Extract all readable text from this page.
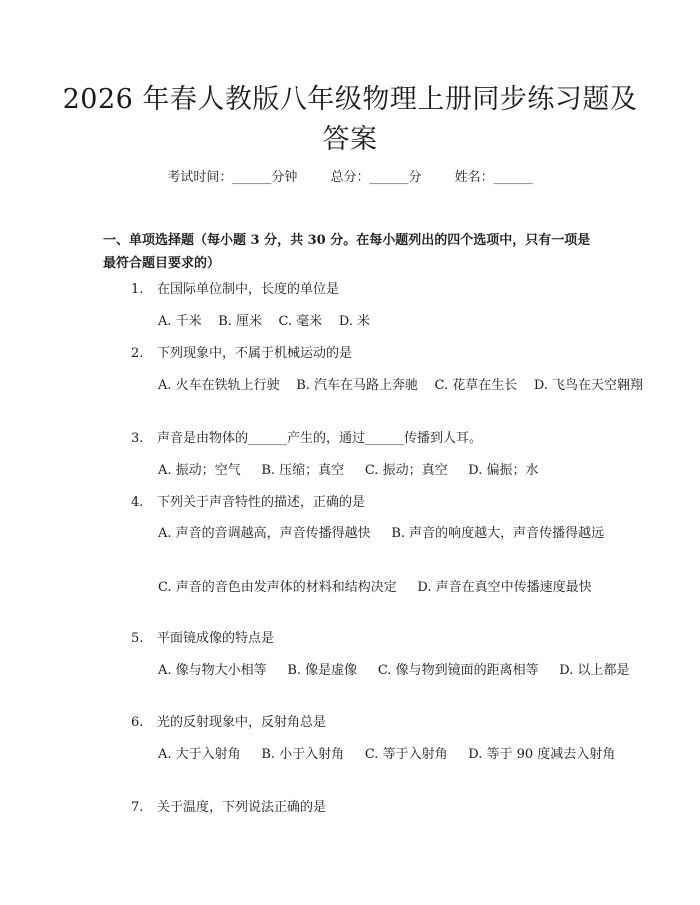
2026 年春人教版八年级物理上册同步练习题及答案
考试时间：______分钟	总分：______分	姓名：______
一、单项选择题（每小题 3 分，共 30 分。在每小题列出的四个选项中，只有一项是最符合题目要求的）
1. 在国际单位制中，长度的单位是
A. 千米 B. 厘米 C. 毫米 D. 米
2. 下列现象中，不属于机械运动的是
A. 火车在铁轨上行驶 B. 汽车在马路上奔驰 C. 花草在生长 D. 飞鸟在天空翱翔
3. 声音是由物体的______产生的，通过______传播到人耳。
A. 振动；空气 B. 压缩；真空 C. 振动；真空 D. 偏振；水
4. 下列关于声音特性的描述，正确的是
A. 声音的音调越高，声音传播得越快 B. 声音的响度越大，声音传播得越远
C. 声音的音色由发声体的材料和结构决定 D. 声音在真空中传播速度最快
5. 平面镜成像的特点是
A. 像与物大小相等 B. 像是虚像 C. 像与物到镜面的距离相等 D. 以上都是
6. 光的反射现象中，反射角总是
A. 大于入射角 B. 小于入射角 C. 等于入射角 D. 等于 90 度减去入射角
7. 关于温度，下列说法正确的是
